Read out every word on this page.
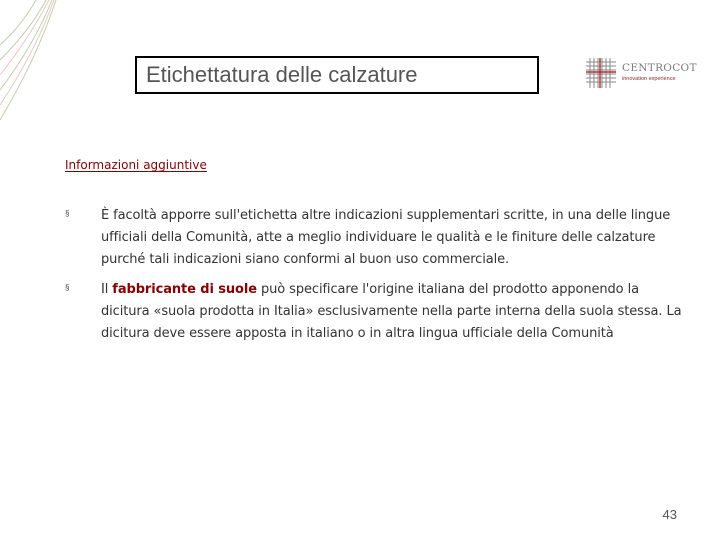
Etichettatura delle calzature	CENTROCOT
innovation experience
Informazioni aggiuntive
§	È facoltà apporre sull'etichetta altre indicazioni supplementari scritte, in una delle lingue ufficiali della Comunità, atte a meglio individuare le qualità e le finiture delle calzature purché tali indicazioni siano conformi al buon uso commerciale.
§	Il fabbricante di suole può specificare l'origine italiana del prodotto apponendo la dicitura «suola prodotta in Italia» esclusivamente nella parte interna della suola stessa. La dicitura deve essere apposta in italiano o in altra lingua ufficiale della Comunità
43
